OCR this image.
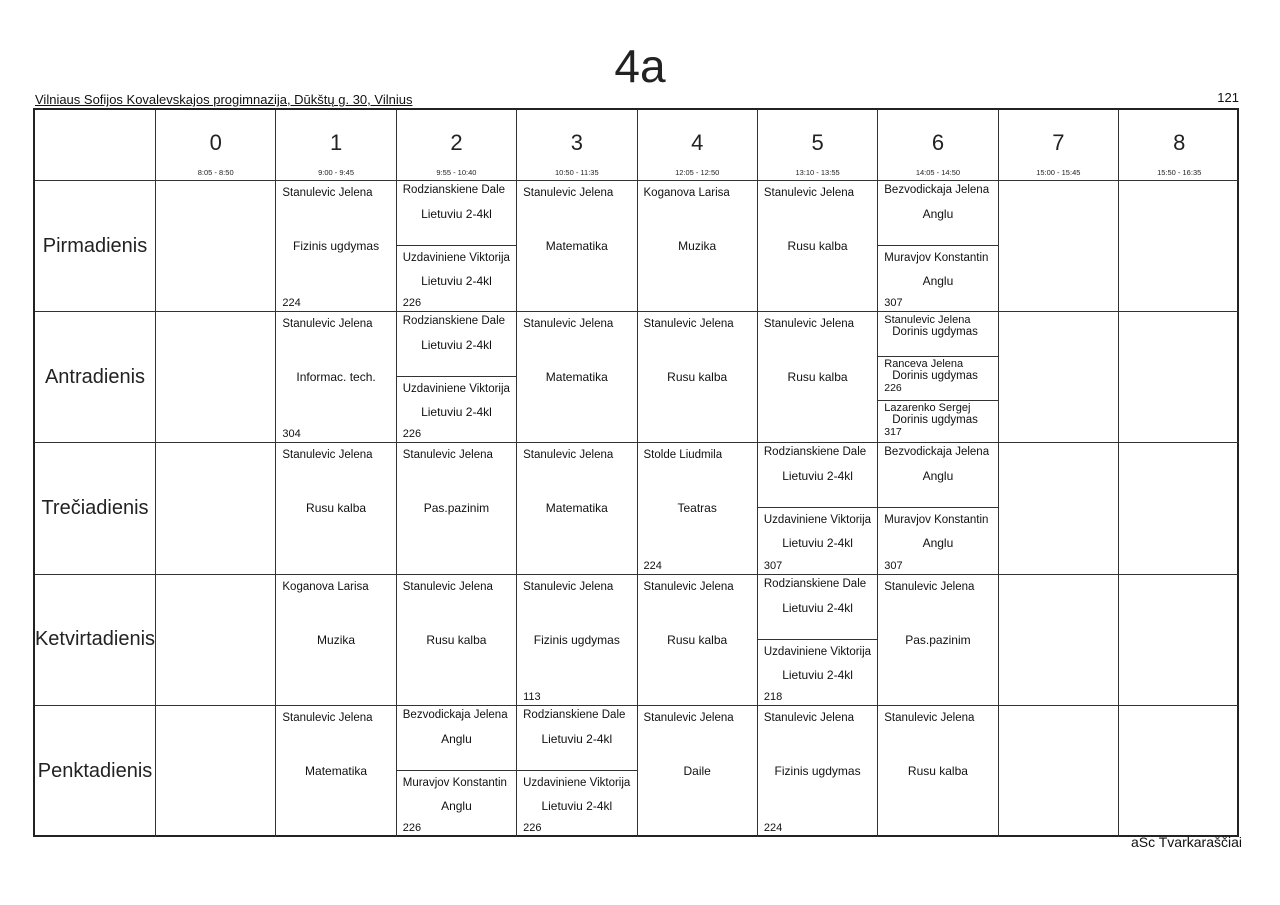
4a
Vilniaus Sofijos Kovalevskajos progimnazija, Dūkštų g. 30, Vilnius	121
0
8:05 - 8:50
1
9:00 - 9:45
2
9:55 - 10:40
3
10:50 - 11:35
4
12:05 - 12:50
5
13:10 - 13:55
6
14:05 - 14:50
7
15:00 - 15:45
8
15:50 - 16:35
Pirmadienis
Stanulevic Jelena
Fizinis ugdymas
224
Rodzianskiene Dale
Lietuviu 2-4kl
Uzdaviniene Viktorija
Lietuviu 2-4kl
226
Stanulevic Jelena
Matematika
Koganova Larisa
Muzika
Stanulevic Jelena
Rusu kalba
Bezvodickaja Jelena
Anglu
Muravjov Konstantin
Anglu
307
Antradienis
Stanulevic Jelena
Informac. tech.
304
Rodzianskiene Dale
Lietuviu 2-4kl
Uzdaviniene Viktorija
Lietuviu 2-4kl
226
Stanulevic Jelena
Matematika
Stanulevic Jelena
Rusu kalba
Stanulevic Jelena
Rusu kalba
Stanulevic Jelena
Dorinis ugdymas
Ranceva Jelena
Dorinis ugdymas
226
Lazarenko Sergej
Dorinis ugdymas
317
Trečiadienis
Stanulevic Jelena
Rusu kalba
Stanulevic Jelena
Pas.pazinim
Stanulevic Jelena
Matematika
Stolde Liudmila
Teatras
224
Rodzianskiene Dale
Lietuviu 2-4kl
Uzdaviniene Viktorija
Lietuviu 2-4kl
307
Bezvodickaja Jelena
Anglu
Muravjov Konstantin
Anglu
307
Ketvirtadienis
Koganova Larisa
Muzika
Stanulevic Jelena
Rusu kalba
Stanulevic Jelena
Fizinis ugdymas
113
Stanulevic Jelena
Rusu kalba
Rodzianskiene Dale
Lietuviu 2-4kl
Uzdaviniene Viktorija
Lietuviu 2-4kl
218
Stanulevic Jelena
Pas.pazinim
Penktadienis
Stanulevic Jelena
Matematika
Bezvodickaja Jelena
Anglu
Muravjov Konstantin
Anglu
226
Rodzianskiene Dale
Lietuviu 2-4kl
Uzdaviniene Viktorija
Lietuviu 2-4kl
226
Stanulevic Jelena
Daile
Stanulevic Jelena
Fizinis ugdymas
224
Stanulevic Jelena
Rusu kalba
aSc Tvarkaraščiai
